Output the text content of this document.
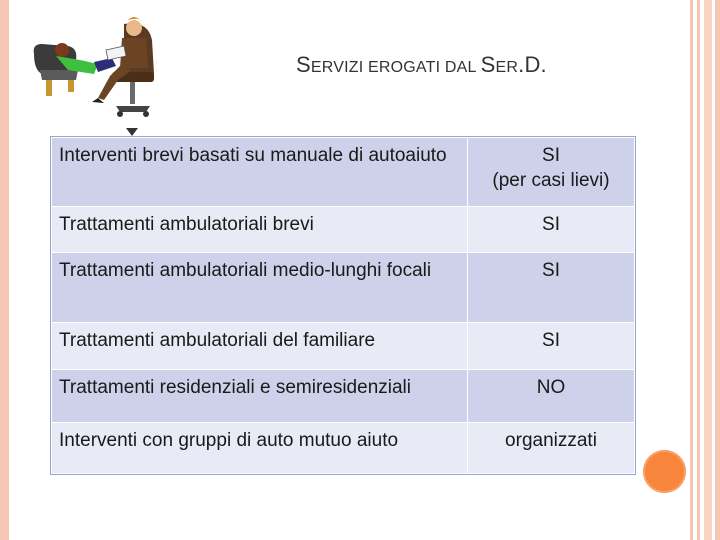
SERVIZI EROGATI DAL SER.D.
Interventi brevi basati su manuale di autoaiuto	SI
(per casi lievi)

Trattamenti ambulatoriali brevi	SI

Trattamenti ambulatoriali medio-lunghi focali	SI

Trattamenti ambulatoriali del familiare	SI

Trattamenti residenziali e semiresidenziali	NO

Interventi con gruppi di auto mutuo aiuto	organizzati
